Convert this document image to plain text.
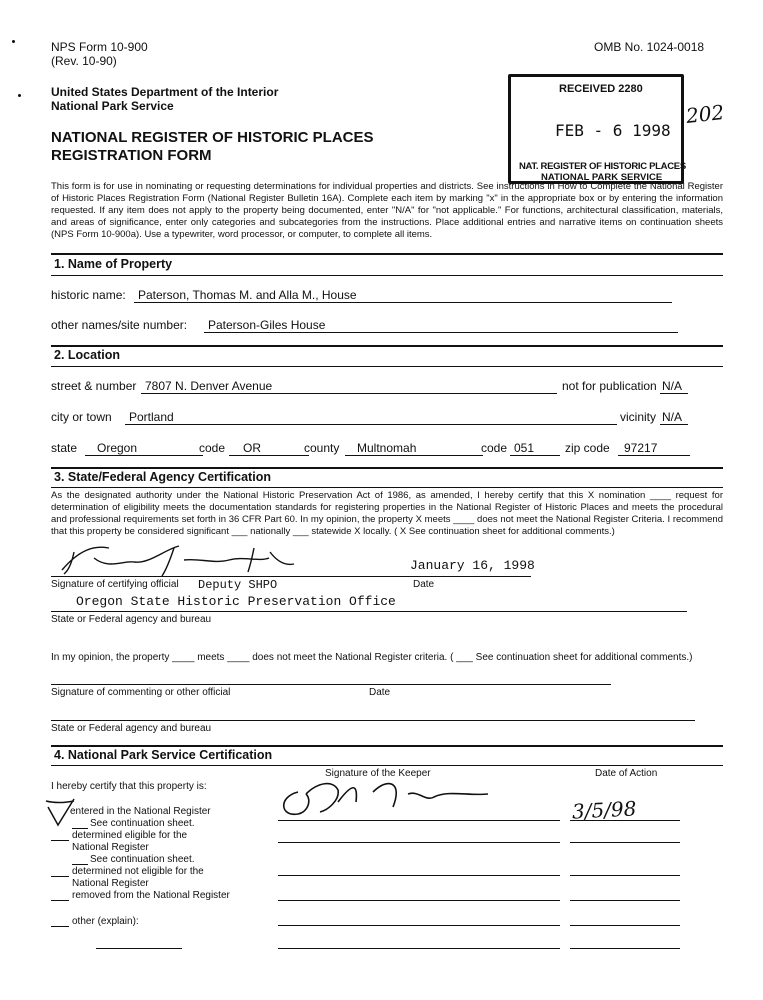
NPS Form 10-900
(Rev. 10-90)
OMB No. 1024-0018
United States Department of the Interior
National Park Service
NATIONAL REGISTER OF HISTORIC PLACES
REGISTRATION FORM
RECEIVED 2280
FEB - 6 1998
NAT. REGISTER OF HISTORIC PLACES
NATIONAL PARK SERVICE
202
This form is for use in nominating or requesting determinations for individual properties and districts. See instructions in How to Complete the National Register of Historic Places Registration Form (National Register Bulletin 16A). Complete each item by marking "x" in the appropriate box or by entering the information requested. If any item does not apply to the property being documented, enter "N/A" for "not applicable." For functions, architectural classification, materials, and areas of significance, enter only categories and subcategories from the instructions. Place additional entries and narrative items on continuation sheets (NPS Form 10-900a). Use a typewriter, word processor, or computer, to complete all items.
1. Name of Property
historic name:	Paterson, Thomas M. and Alla M., House
other names/site number:	Paterson-Giles House
2. Location
street & number 7807 N. Denver Avenue	not for publication N/A
city or town	Portland	vicinity N/A
state	Oregon	code	OR	county	Multnomah	code 051	zip code	97217
3. State/Federal Agency Certification
As the designated authority under the National Historic Preservation Act of 1986, as amended, I hereby certify that this X nomination ____ request for determination of eligibility meets the documentation standards for registering properties in the National Register of Historic Places and meets the procedural and professional requirements set forth in 36 CFR Part 60. In my opinion, the property X meets ____ does not meet the National Register Criteria. I recommend that this property be considered significant ___ nationally ___ statewide X locally. ( X See continuation sheet for additional comments.)
January 16, 1998
Signature of certifying official Deputy SHPO	Date
Oregon State Historic Preservation Office
State or Federal agency and bureau
In my opinion, the property ____ meets ____ does not meet the National Register criteria. ( ___ See continuation sheet for additional comments.)
Signature of commenting or other official	Date
State or Federal agency and bureau
4. National Park Service Certification
Signature of the Keeper	Date of Action
I hereby certify that this property is:
3/5/98
entered in the National Register
See continuation sheet.
determined eligible for the
National Register
See continuation sheet.
determined not eligible for the
National Register
removed from the National Register
other (explain):
